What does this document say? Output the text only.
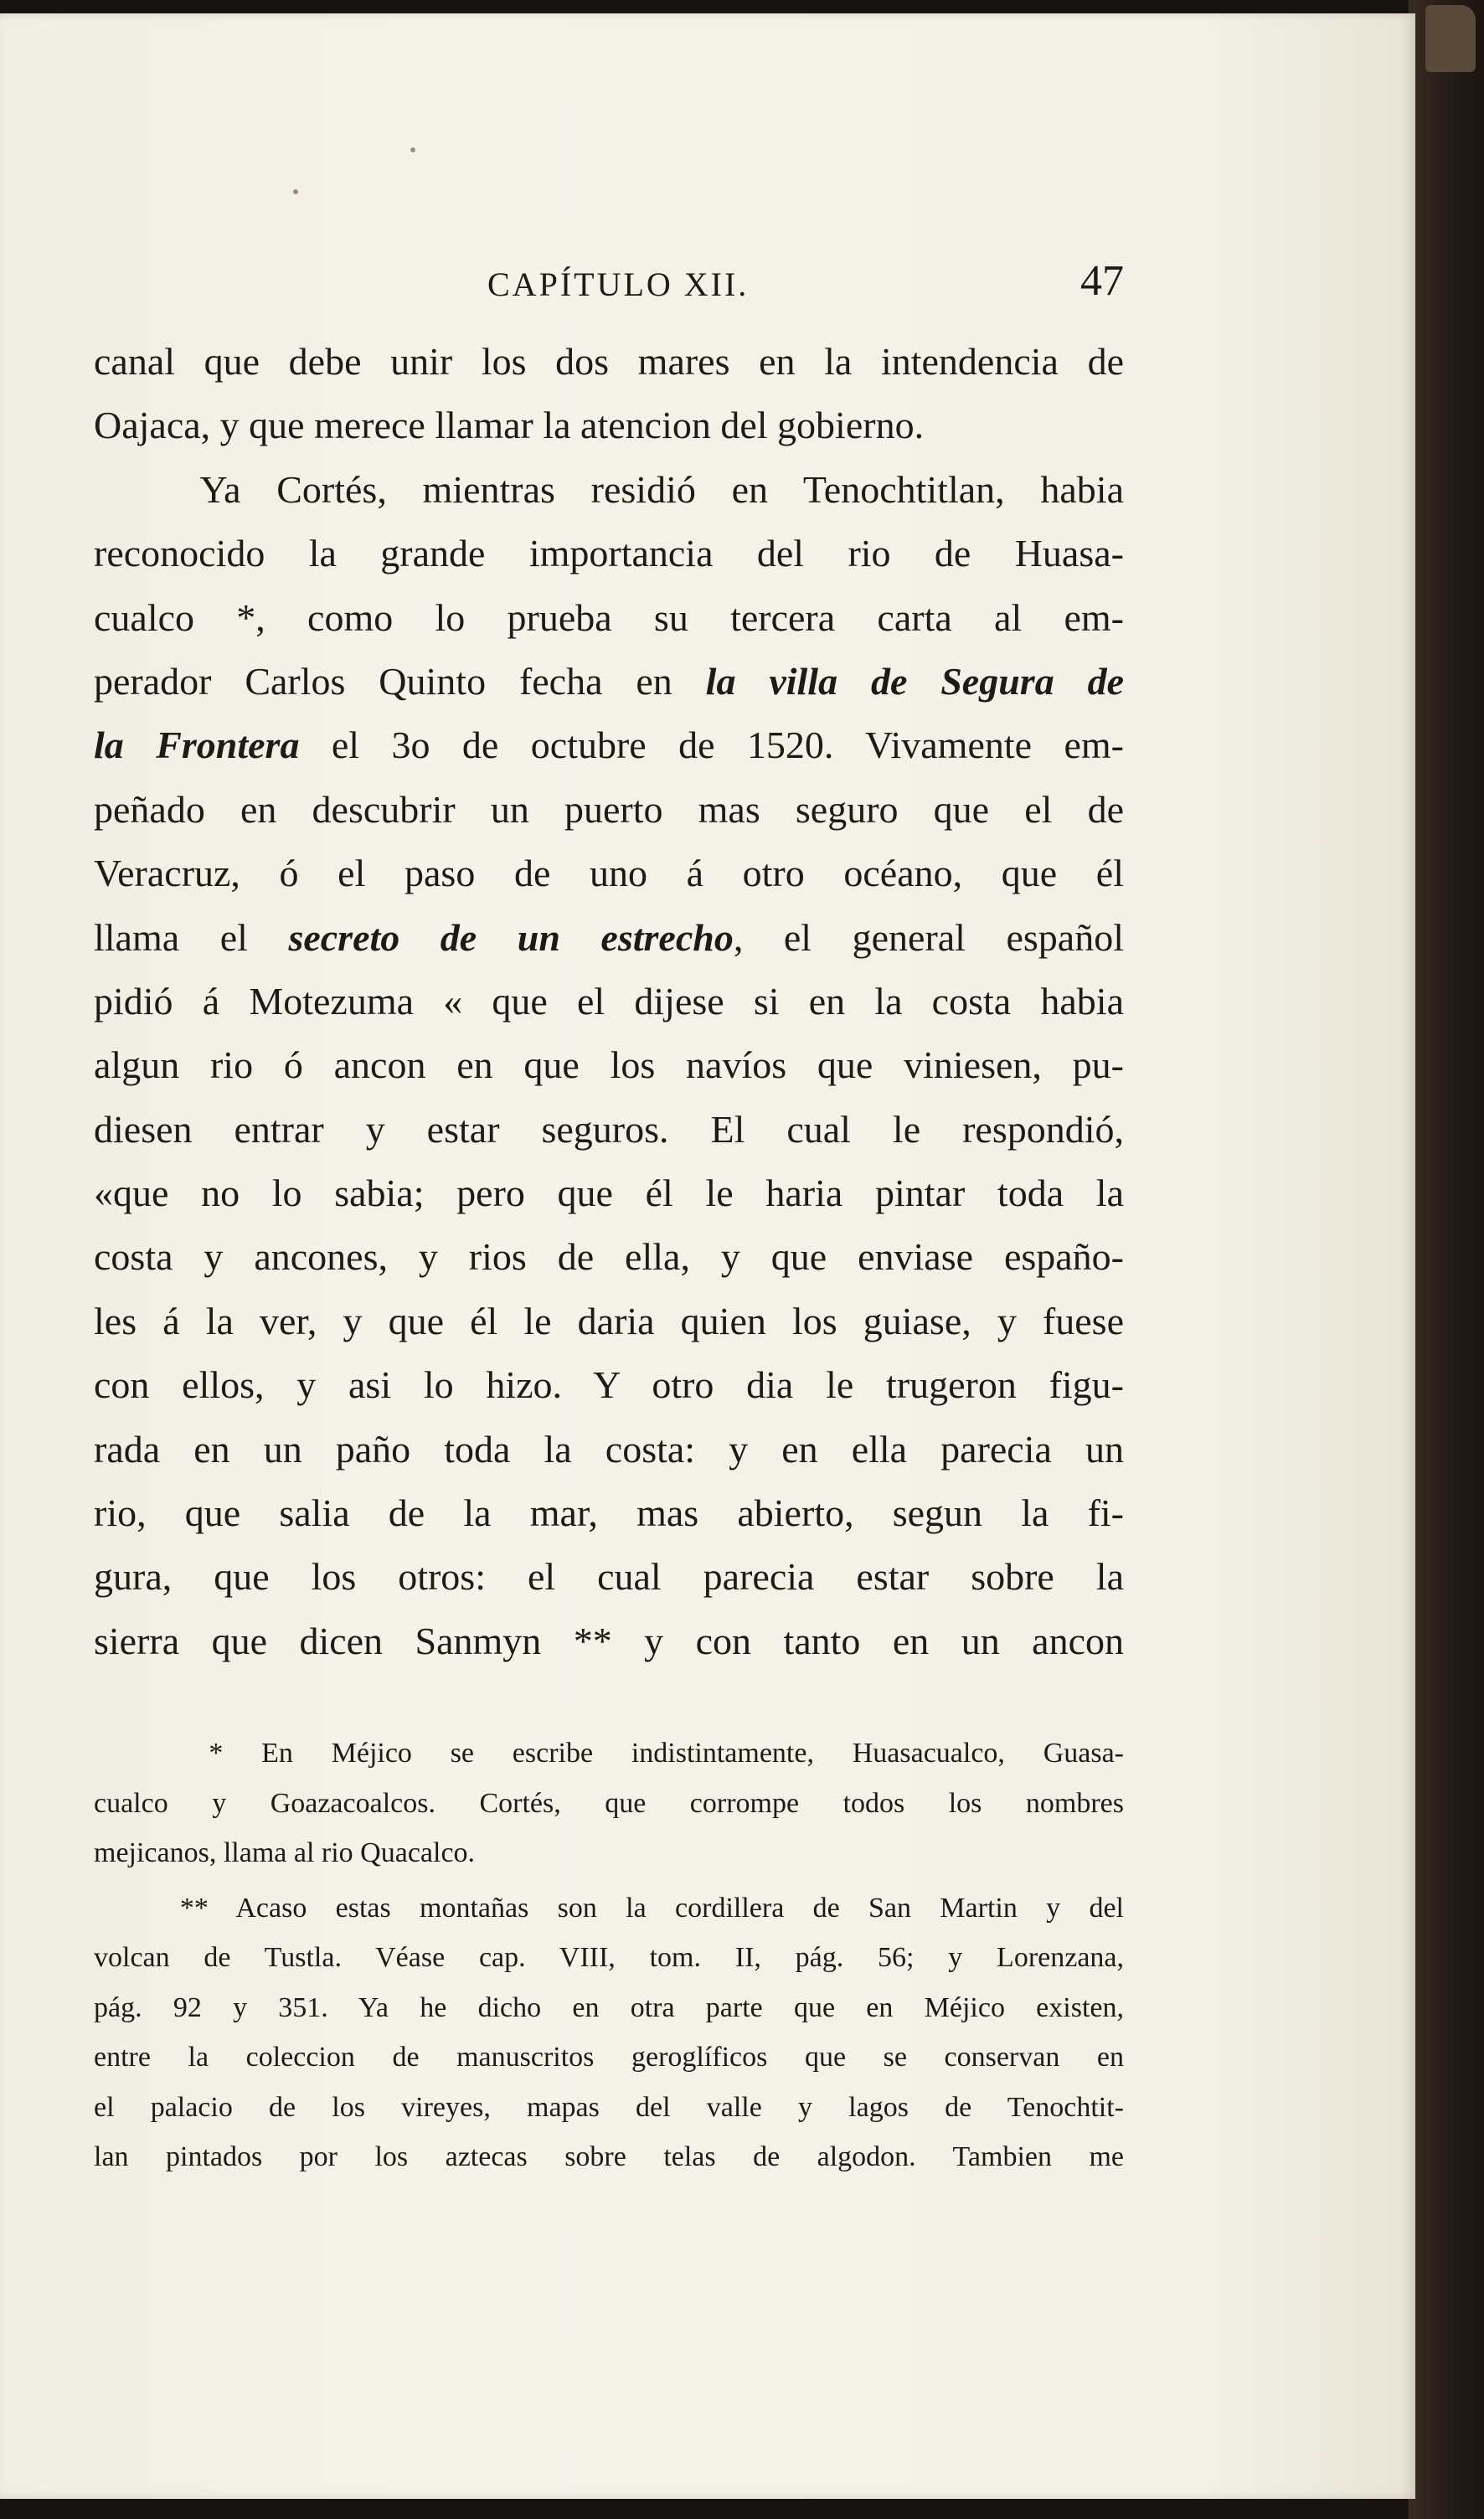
CAPÍTULO XII.	47
canal que debe unir los dos mares en la intendencia de
Oajaca, y que merece llamar la atencion del gobierno.
Ya Cortés, mientras residió en Tenochtitlan, habia
reconocido la grande importancia del rio de Huasa-
cualco *, como lo prueba su tercera carta al em-
perador Carlos Quinto fecha en la villa de Segura de
la Frontera el 3o de octubre de 1520. Vivamente em-
peñado en descubrir un puerto mas seguro que el de
Veracruz, ó el paso de uno á otro océano, que él
llama el secreto de un estrecho, el general español
pidió á Motezuma « que el dijese si en la costa habia
algun rio ó ancon en que los navíos que viniesen, pu-
diesen entrar y estar seguros. El cual le respondió,
«que no lo sabia; pero que él le haria pintar toda la
costa y ancones, y rios de ella, y que enviase españo-
les á la ver, y que él le daria quien los guiase, y fuese
con ellos, y asi lo hizo. Y otro dia le trugeron figu-
rada en un paño toda la costa: y en ella parecia un
rio, que salia de la mar, mas abierto, segun la fi-
gura, que los otros: el cual parecia estar sobre la
sierra que dicen Sanmyn ** y con tanto en un ancon
* En Méjico se escribe indistintamente, Huasacualco, Guasa-
cualco y Goazacoalcos. Cortés, que corrompe todos los nombres
mejicanos, llama al rio Quacalco.
** Acaso estas montañas son la cordillera de San Martin y del
volcan de Tustla. Véase cap. VIII, tom. II, pág. 56; y Lorenzana,
pág. 92 y 351. Ya he dicho en otra parte que en Méjico existen,
entre la coleccion de manuscritos geroglíficos que se conservan en
el palacio de los vireyes, mapas del valle y lagos de Tenochtit-
lan pintados por los aztecas sobre telas de algodon. Tambien me
